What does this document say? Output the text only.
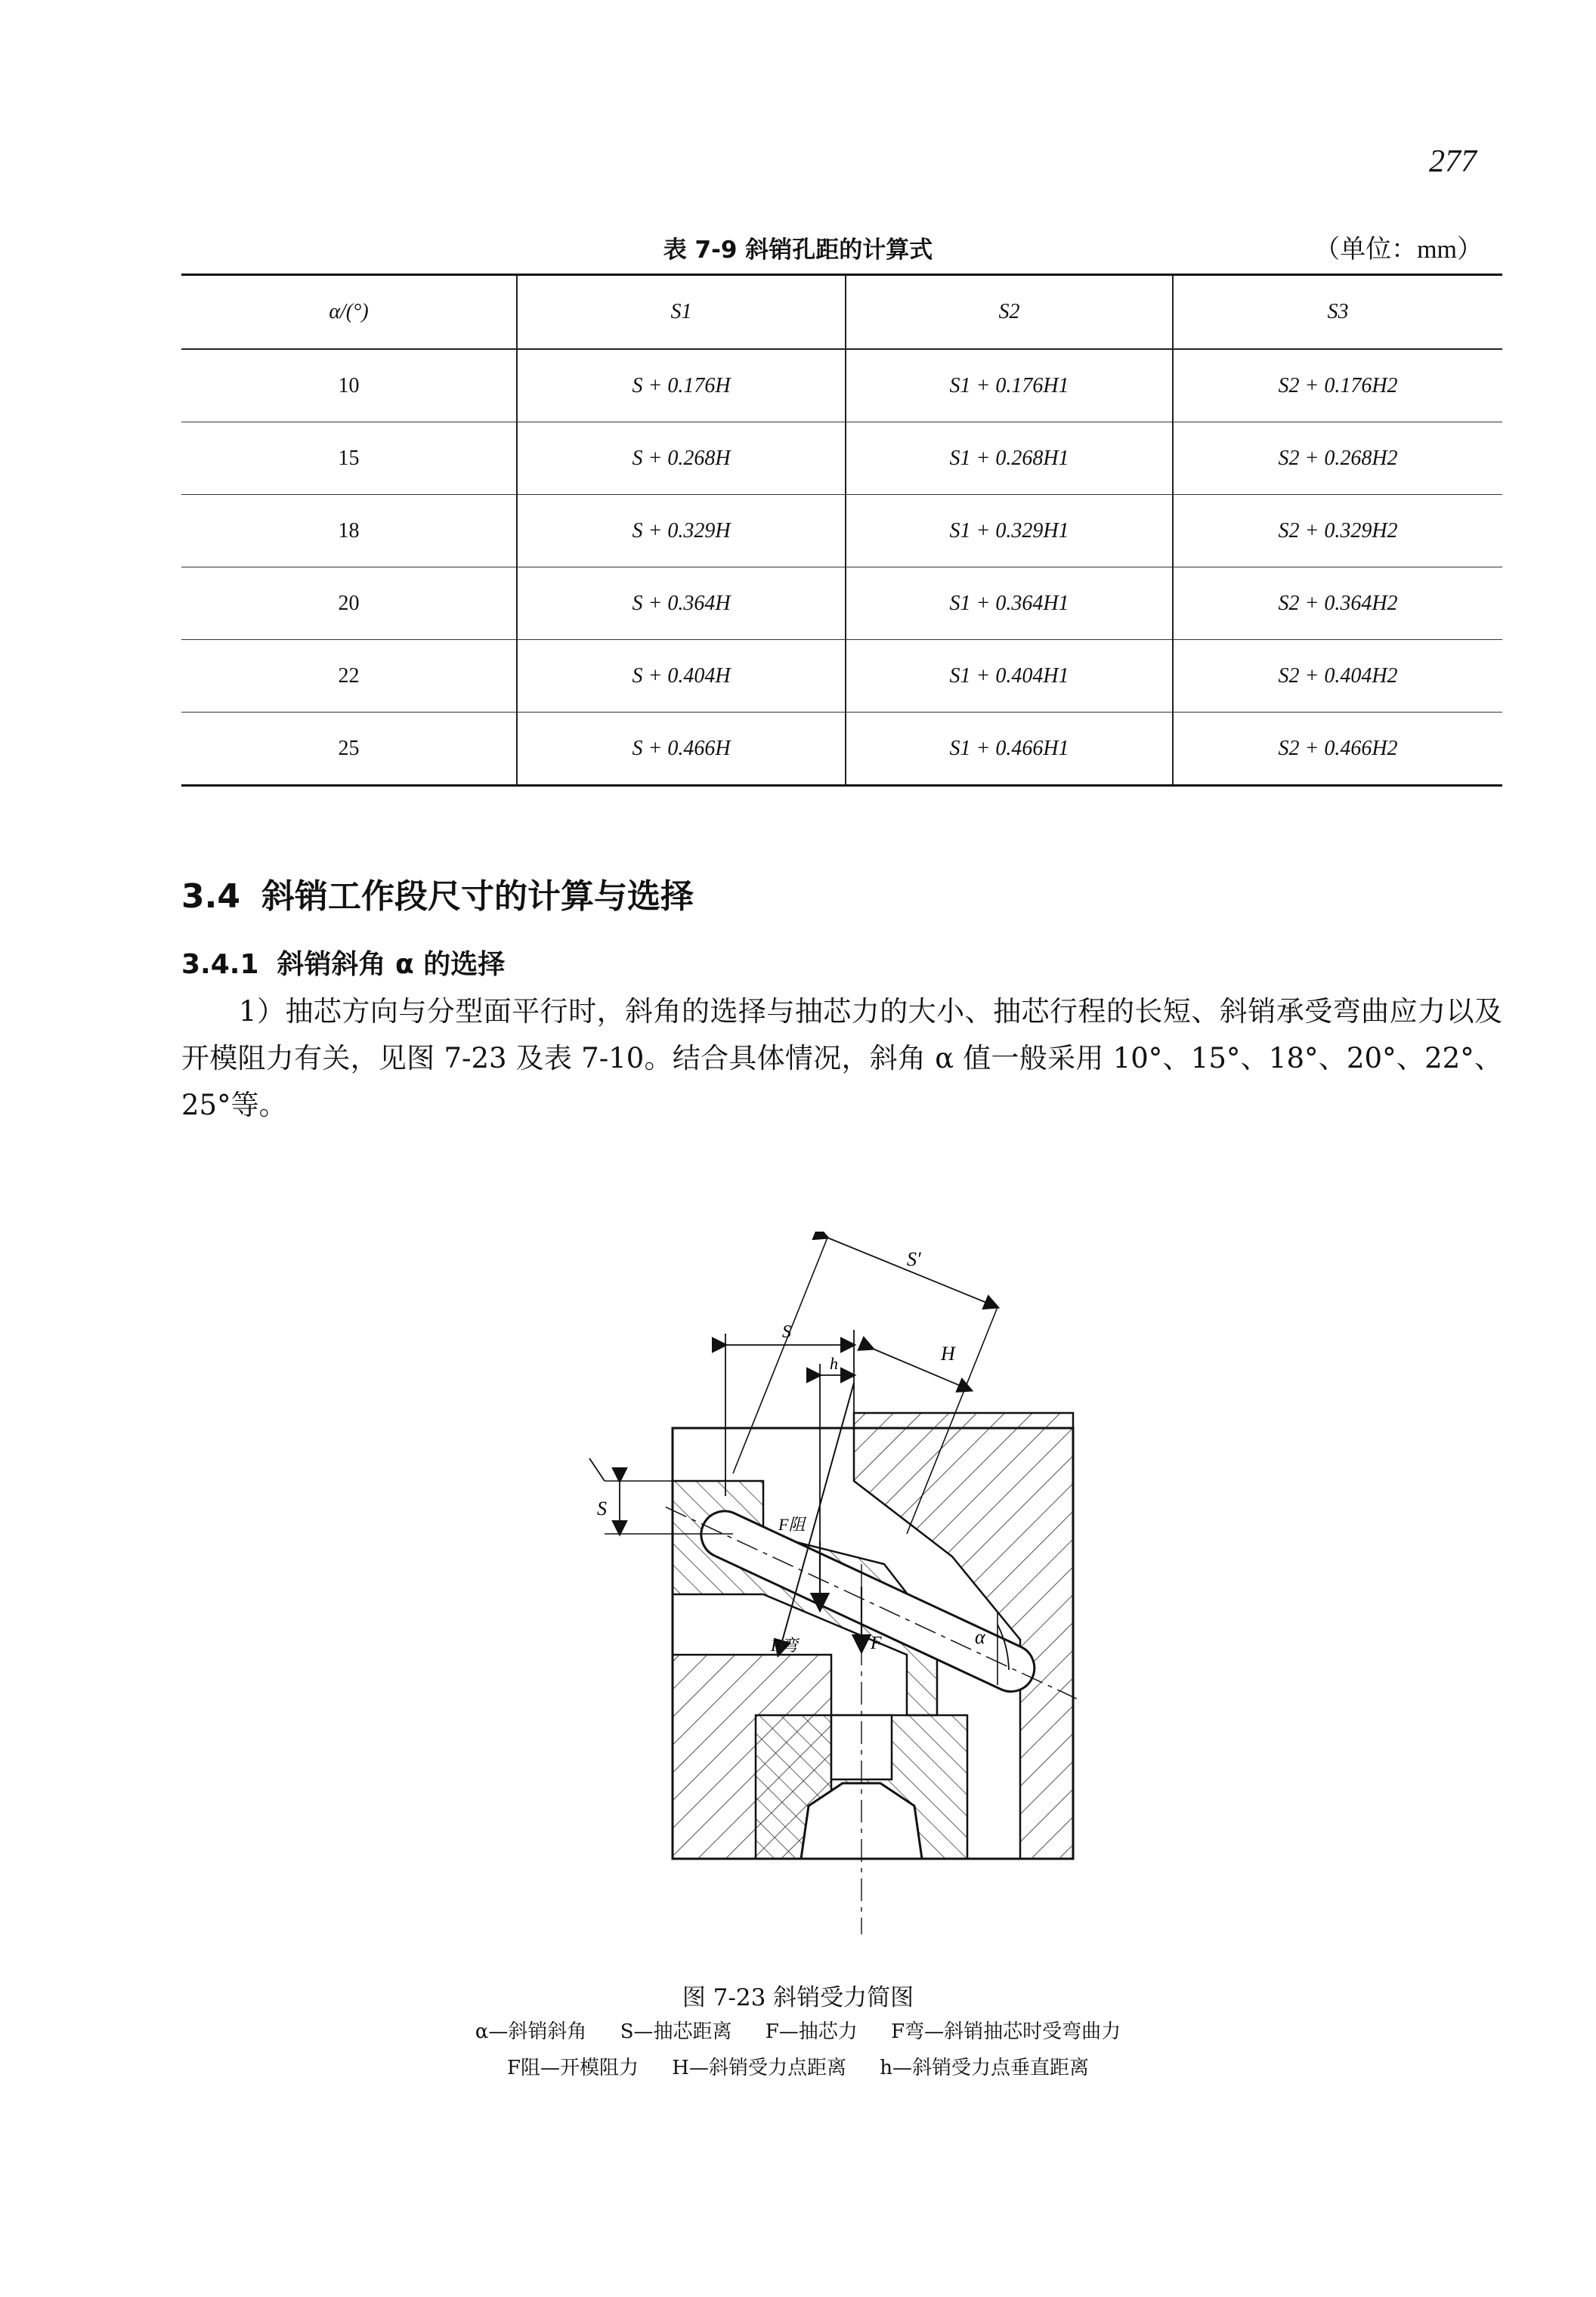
277
表 7-9 斜销孔距的计算式	（单位：mm）
α/(°)	S1	S2	S3
10	S + 0.176H	S1 + 0.176H1	S2 + 0.176H2
15	S + 0.268H	S1 + 0.268H1	S2 + 0.268H2
18	S + 0.329H	S1 + 0.329H1	S2 + 0.329H2
20	S + 0.364H	S1 + 0.364H1	S2 + 0.364H2
22	S + 0.404H	S1 + 0.404H1	S2 + 0.404H2
25	S + 0.466H	S1 + 0.466H1	S2 + 0.466H2
3.4 斜销工作段尺寸的计算与选择
3.4.1 斜销斜角 α 的选择

1）抽芯方向与分型面平行时，斜角的选择与抽芯力的大小、抽芯行程的长短、斜销承受弯曲应力以及开模阻力有关，见图 7-23 及表 7-10。结合具体情况，斜角 α 值一般采用 10°、15°、18°、20°、22°、25°等。

S′
S
h	H
S
F阻
F弯	F	α
图 7-23 斜销受力简图
α—斜销斜角 S—抽芯距离 F—抽芯力 F弯—斜销抽芯时受弯曲力
F阻—开模阻力 H—斜销受力点距离 h—斜销受力点垂直距离
